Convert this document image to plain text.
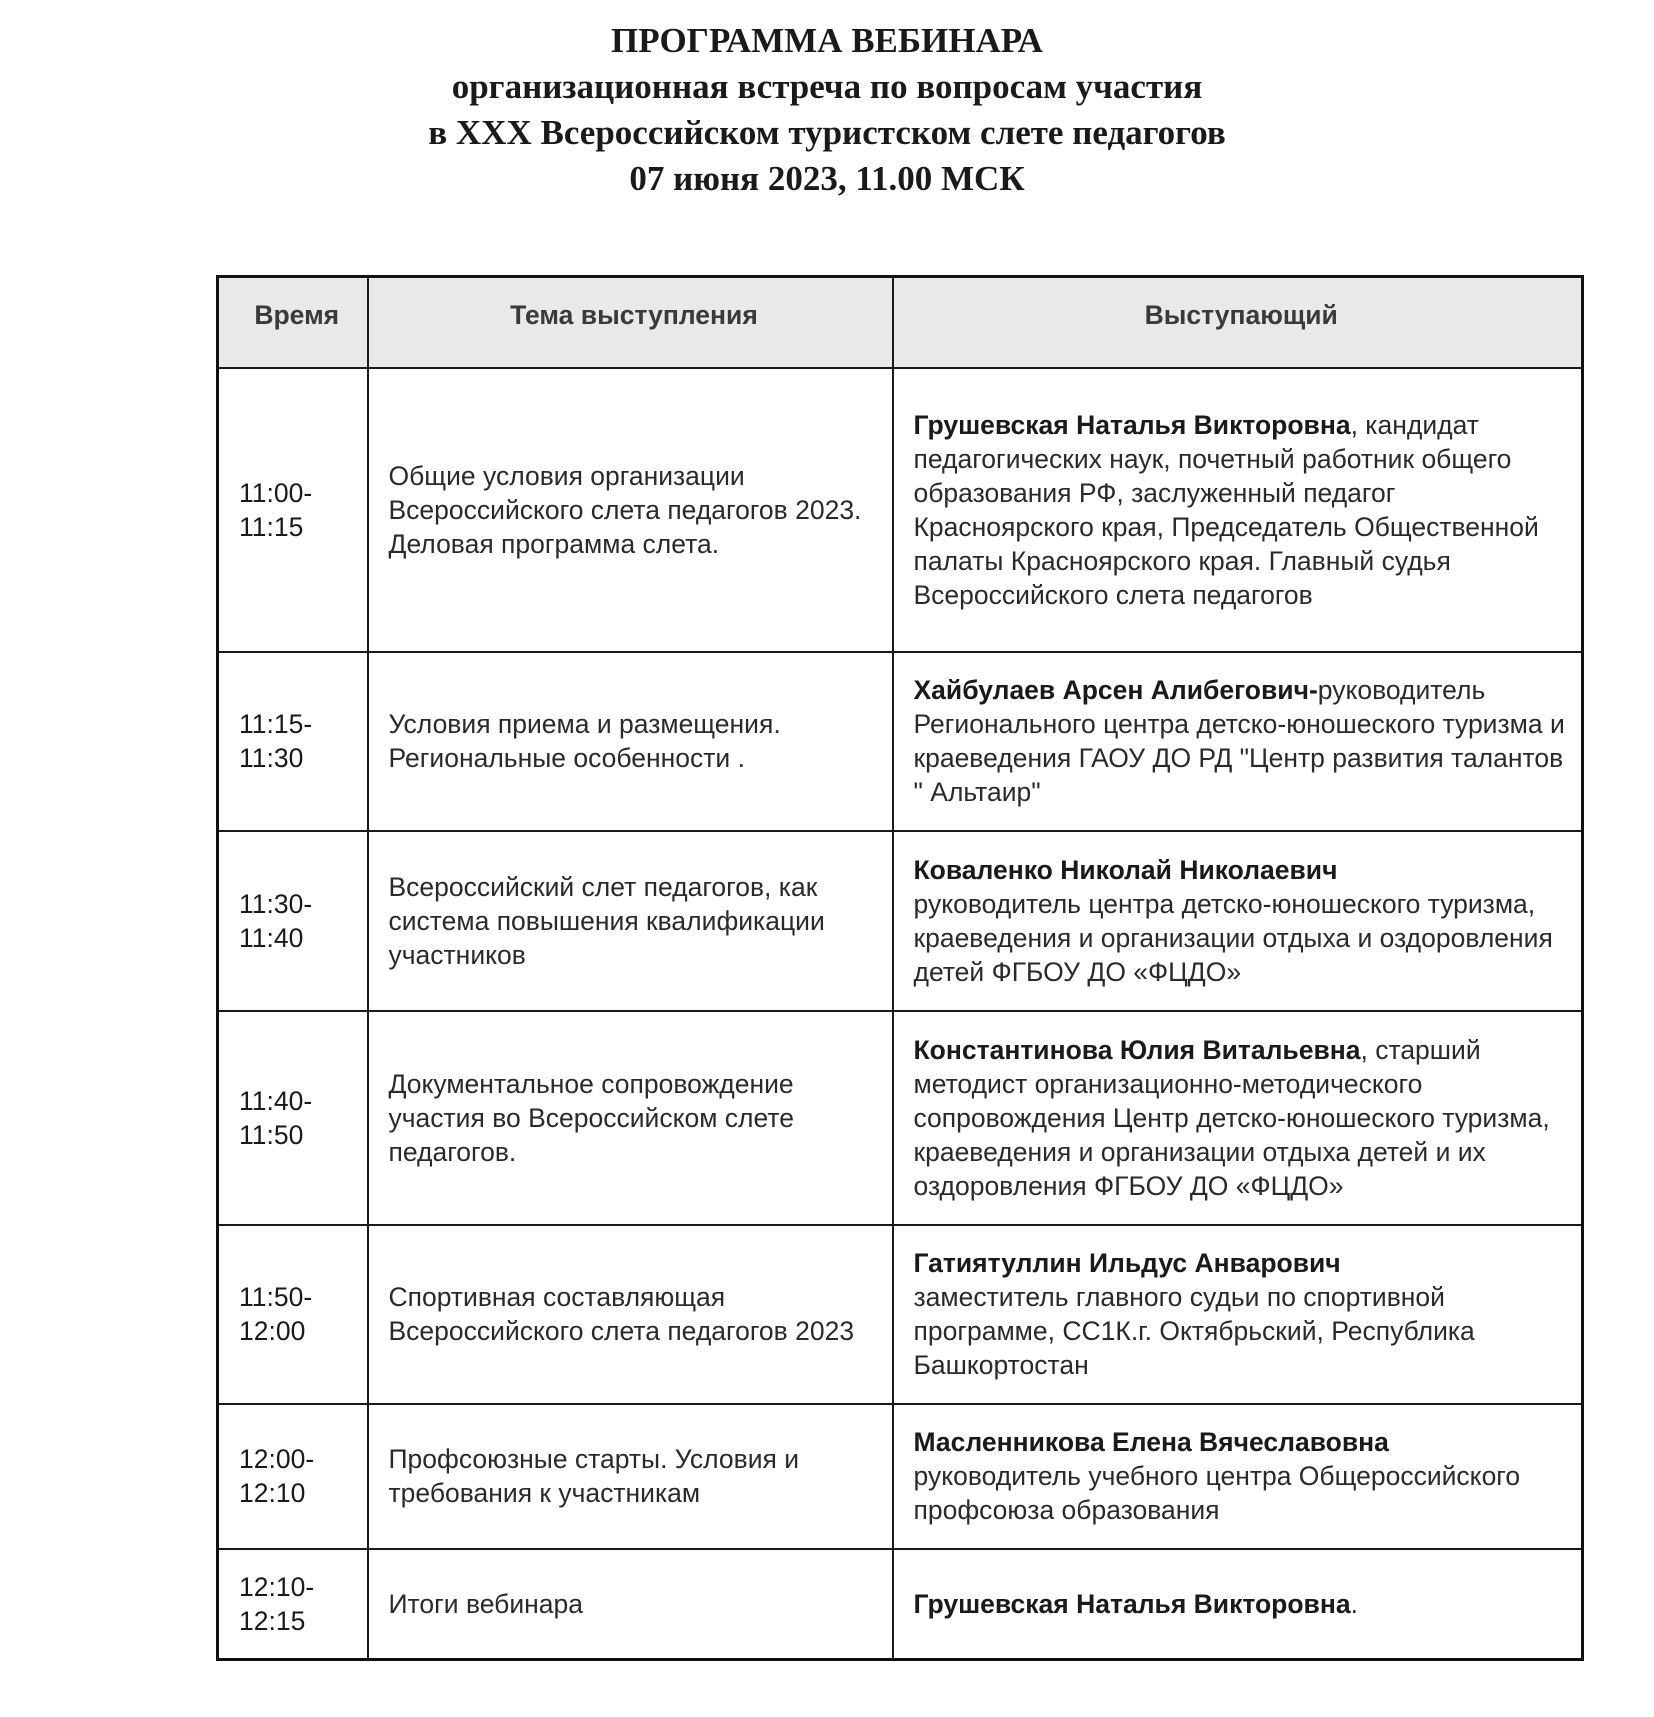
ПРОГРАММА ВЕБИНАРА
организационная встреча по вопросам участия
в XXX Всероссийском туристском слете педагогов
07 июня 2023, 11.00 МСК
Время	Тема выступления	Выступающий

11:00-
11:15	Общие условия организации Всероссийского слета педагогов 2023. Деловая программа слета.	Грушевская Наталья Викторовна, кандидат педагогических наук, почетный работник общего образования РФ, заслуженный педагог Красноярского края, Председатель Общественной палаты Красноярского края. Главный судья Всероссийского слета педагогов

11:15-
11:30	Условия приема и размещения. Региональные особенности .	Хайбулаев Арсен Алибегович-руководитель Регионального центра детско-юношеского туризма и краеведения ГАОУ ДО РД "Центр развития талантов " Альтаир"

11:30-
11:40	Всероссийский слет педагогов, как система повышения квалификации участников	Коваленко Николай Николаевич
руководитель центра детско-юношеского туризма, краеведения и организации отдыха и оздоровления детей ФГБОУ ДО «ФЦДО»

11:40-
11:50	Документальное сопровождение участия во Всероссийском слете педагогов.	Константинова Юлия Витальевна, старший методист организационно-методического сопровождения Центр детско-юношеского туризма, краеведения и организации отдыха детей и их оздоровления ФГБОУ ДО «ФЦДО»

11:50-
12:00	Спортивная составляющая Всероссийского слета педагогов 2023	Гатиятуллин Ильдус Анварович
заместитель главного судьи по спортивной программе, СС1К.г. Октябрьский, Республика Башкортостан

12:00-
12:10	Профсоюзные старты. Условия и требования к участникам	Масленникова Елена Вячеславовна
руководитель учебного центра Общероссийского профсоюза образования

12:10-
12:15	Итоги вебинара	Грушевская Наталья Викторовна.
